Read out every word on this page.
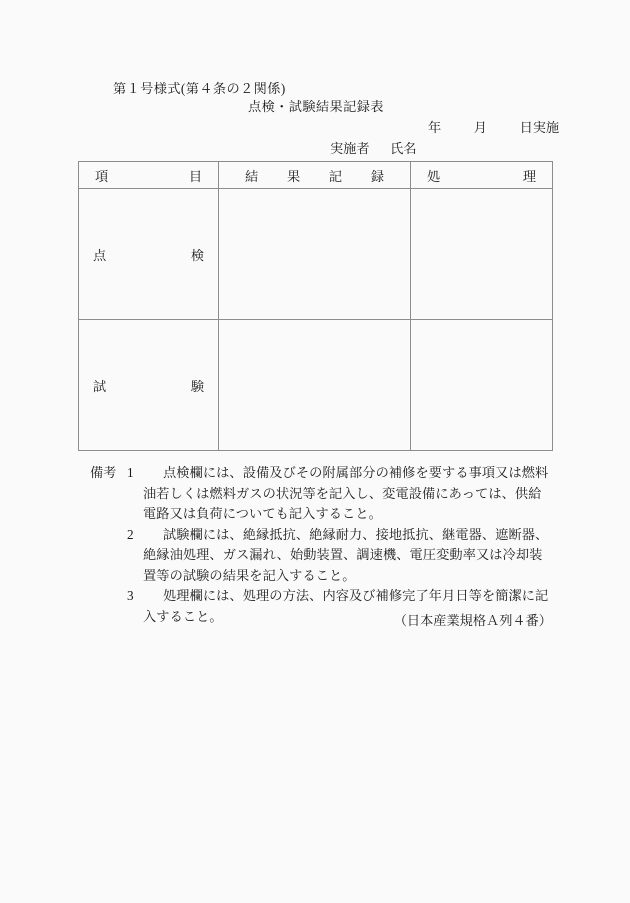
第１号様式(第４条の２関係)
点検・試験結果記録表
年 月 日実施
実施者 氏名
項 目	結 果 記 録	処 理

点 検		

試 験		

備考 1	点検欄には、設備及びその附属部分の補修を要する事項又は燃料
油若しくは燃料ガスの状況等を記入し、変電設備にあっては、供給
電路又は負荷についても記入すること。
2	試験欄には、絶縁抵抗、絶縁耐力、接地抵抗、継電器、遮断器、
絶縁油処理、ガス漏れ、始動装置、調速機、電圧変動率又は冷却装
置等の試験の結果を記入すること。
3	処理欄には、処理の方法、内容及び補修完了年月日等を簡潔に記
入すること。	（日本産業規格Ａ列４番）
